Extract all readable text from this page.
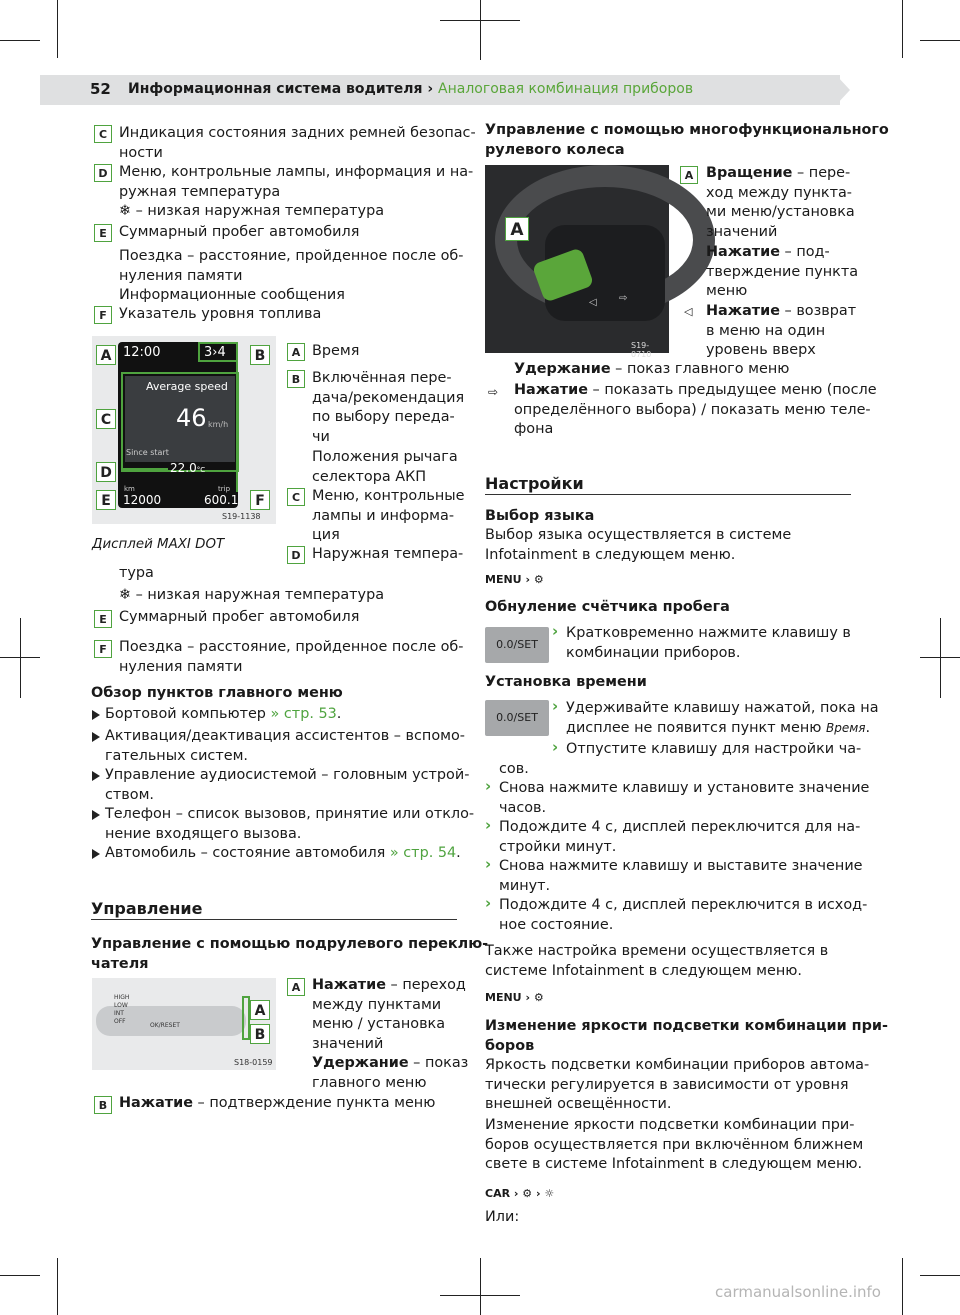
52 Информационная система водителя › Аналоговая комбинация приборов
C Индикация состояния задних ремней безопас-
ности
D Меню, контрольные лампы, информация и на-
ружная температура
❄ – низкая наружная температура
E Суммарный пробег автомобиля
Поездка – расстояние, пройденное после об-
нуления памяти
Информационные сообщения
F Указатель уровня топлива
12:00	3›4
Average speed
46 km/h
Since start
22.0°C
km	trip
12000	600.1
A	B
C
D
E	F
S19-1138
Дисплей MAXI DOT
A Время
B Включённая пере-
дача/рекомендация
по выбору переда-
чи
Положения рычага
селектора АКП
C Меню, контрольные
лампы и информа-
ция
D Наружная темпера-
тура
❄ – низкая наружная температура
E Суммарный пробег автомобиля
F Поездка – расстояние, пройденное после об-
нуления памяти
Обзор пунктов главного меню
Бортовой компьютер » стр. 53.
Активация/деактивация ассистентов – вспомо-
гательных систем.
Управление аудиосистемой – головным устрой-
ством.
Телефон – список вызовов, принятие или откло-
нение входящего вызова.
Автомобиль – состояние автомобиля » стр. 54.
Управление
Управление с помощью подрулевого переклю-
чателя
HIGH
LOW
INT
OFF
OK/RESET
A
B
S18-0159
A Нажатие – переход
между пунктами
меню / установка
значений
Удержание – показ
главного меню
B Нажатие – подтверждение пункта меню
Управление с помощью многофункционального
рулевого колеса
◁ ⇨
A
S19-0710
A Вращение – пере-
ход между пункта-
ми меню/установка
значений
Нажатие – под-
тверждение пункта
меню
◁ Нажатие – возврат
в меню на один
уровень вверх
Удержание – показ главного меню
⇨ Нажатие – показать предыдущее меню (после
определённого выбора) / показать меню теле-
фона
Настройки
Выбор языка
Выбор языка осуществляется в системе
Infotainment в следующем меню.
MENU › ⚙
Обнуление счётчика пробега
0.0/SET
› Кратковременно нажмите клавишу в
комбинации приборов.
Установка времени
0.0/SET
› Удерживайте клавишу нажатой, пока на
дисплее не появится пункт меню Время.
› Отпустите клавишу для настройки ча-
сов.
› Снова нажмите клавишу и установите значение
часов.
› Подождите 4 с, дисплей переключится для на-
стройки минут.
› Снова нажмите клавишу и выставите значение
минут.
› Подождите 4 с, дисплей переключится в исход-
ное состояние.
Также настройка времени осуществляется в
системе Infotainment в следующем меню.
MENU › ⚙
Изменение яркости подсветки комбинации при-
боров
Яркость подсветки комбинации приборов автома-
тически регулируется в зависимости от уровня
внешней освещённости.
Изменение яркости подсветки комбинации при-
боров осуществляется при включённом ближнем
свете в системе Infotainment в следующем меню.
CAR › ⚙ › ☼
Или:
carmanualsonline.info
